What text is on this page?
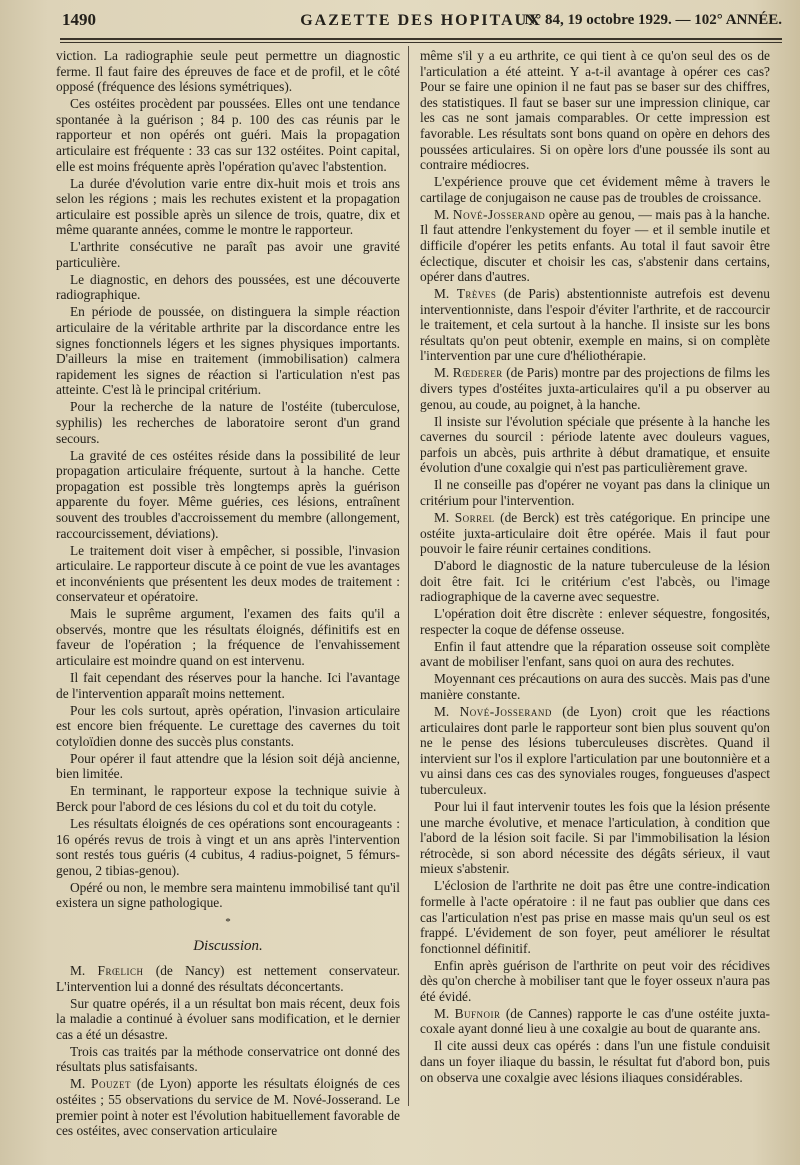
1490	GAZETTE DES HOPITAUX
N° 84, 19 octobre 1929. — 102° ANNÉE.

viction. La radiographie seule peut permettre un diagnostic ferme. Il faut faire des épreuves de face et de profil, et le côté opposé (fréquence des lésions symétriques).

Ces ostéites procèdent par poussées. Elles ont une tendance spontanée à la guérison ; 84 p. 100 des cas réunis par le rapporteur et non opérés ont guéri. Mais la propagation articulaire est fréquente : 33 cas sur 132 ostéites. Point capital, elle est moins fréquente après l'opération qu'avec l'abstention.

La durée d'évolution varie entre dix-huit mois et trois ans selon les régions ; mais les rechutes existent et la propagation articulaire est possible après un silence de trois, quatre, dix et même quarante années, comme le montre le rapporteur.

L'arthrite consécutive ne paraît pas avoir une gravité particulière.

Le diagnostic, en dehors des poussées, est une découverte radiographique.

En période de poussée, on distinguera la simple réaction articulaire de la véritable arthrite par la discordance entre les signes fonctionnels légers et les signes physiques importants. D'ailleurs la mise en traitement (immobilisation) calmera rapidement les signes de réaction si l'articulation n'est pas atteinte. C'est là le principal critérium.

Pour la recherche de la nature de l'ostéite (tuberculose, syphilis) les recherches de laboratoire seront d'un grand secours.

La gravité de ces ostéites réside dans la possibilité de leur propagation articulaire fréquente, surtout à la hanche. Cette propagation est possible très longtemps après la guérison apparente du foyer. Même guéries, ces lésions, entraînent souvent des troubles d'accroissement du membre (allongement, raccourcissement, déviations).

Le traitement doit viser à empêcher, si possible, l'invasion articulaire. Le rapporteur discute à ce point de vue les avantages et inconvénients que présentent les deux modes de traitement : conservateur et opératoire.

Mais le suprême argument, l'examen des faits qu'il a observés, montre que les résultats éloignés, définitifs est en faveur de l'opération ; la fréquence de l'envahissement articulaire est moindre quand on est intervenu.

Il fait cependant des réserves pour la hanche. Ici l'avantage de l'intervention apparaît moins nettement.

Pour les cols surtout, après opération, l'invasion articulaire est encore bien fréquente. Le curettage des cavernes du toit cotyloïdien donne des succès plus constants.

Pour opérer il faut attendre que la lésion soit déjà ancienne, bien limitée.

En terminant, le rapporteur expose la technique suivie à Berck pour l'abord de ces lésions du col et du toit du cotyle.

Les résultats éloignés de ces opérations sont encourageants : 16 opérés revus de trois à vingt et un ans après l'intervention sont restés tous guéris (4 cubitus, 4 radius-poignet, 5 fémurs-genou, 2 tibias-genou).

Opéré ou non, le membre sera maintenu immobilisé tant qu'il existera un signe pathologique.

*
Discussion.

M. Frœlich (de Nancy) est nettement conservateur. L'intervention lui a donné des résultats déconcertants.

Sur quatre opérés, il a un résultat bon mais récent, deux fois la maladie a continué à évoluer sans modification, et le dernier cas a été un désastre.

Trois cas traités par la méthode conservatrice ont donné des résultats plus satisfaisants.

M. Pouzet (de Lyon) apporte les résultats éloignés de ces ostéites ; 55 observations du service de M. Nové-Josserand. Le premier point à noter est l'évolution habituellement favorable de ces ostéites, avec conservation articulaire

même s'il y a eu arthrite, ce qui tient à ce qu'on seul des os de l'articulation a été atteint. Y a-t-il avantage à opérer ces cas? Pour se faire une opinion il ne faut pas se baser sur des chiffres, des statistiques. Il faut se baser sur une impression clinique, car les cas ne sont jamais comparables. Or cette impression est favorable. Les résultats sont bons quand on opère en dehors des poussées articulaires. Si on opère lors d'une poussée ils sont au contraire médiocres.

L'expérience prouve que cet évidement même à travers le cartilage de conjugaison ne cause pas de troubles de croissance.

M. Nové-Josserand opère au genou, — mais pas à la hanche. Il faut attendre l'enkystement du foyer — et il semble inutile et difficile d'opérer les petits enfants. Au total il faut savoir être éclectique, discuter et choisir les cas, s'abstenir dans certains, opérer dans d'autres.

M. Trèves (de Paris) abstentionniste autrefois est devenu interventionniste, dans l'espoir d'éviter l'arthrite, et de raccourcir le traitement, et cela surtout à la hanche. Il insiste sur les bons résultats qu'on peut obtenir, exemple en mains, si on complète l'intervention par une cure d'héliothérapie.

M. Rœderer (de Paris) montre par des projections de films les divers types d'ostéites juxta-articulaires qu'il a pu observer au genou, au coude, au poignet, à la hanche.

Il insiste sur l'évolution spéciale que présente à la hanche les cavernes du sourcil : période latente avec douleurs vagues, parfois un abcès, puis arthrite à début dramatique, et ensuite évolution d'une coxalgie qui n'est pas particulièrement grave.

Il ne conseille pas d'opérer ne voyant pas dans la clinique un critérium pour l'intervention.

M. Sorrel (de Berck) est très catégorique. En principe une ostéite juxta-articulaire doit être opérée. Mais il faut pour pouvoir le faire réunir certaines conditions.

D'abord le diagnostic de la nature tuberculeuse de la lésion doit être fait. Ici le critérium c'est l'abcès, ou l'image radiographique de la caverne avec sequestre.

L'opération doit être discrète : enlever séquestre, fongosités, respecter la coque de défense osseuse.

Enfin il faut attendre que la réparation osseuse soit complète avant de mobiliser l'enfant, sans quoi on aura des rechutes.

Moyennant ces précautions on aura des succès. Mais pas d'une manière constante.

M. Nové-Josserand (de Lyon) croit que les réactions articulaires dont parle le rapporteur sont bien plus souvent qu'on ne le pense des lésions tuberculeuses discrètes. Quand il intervient sur l'os il explore l'articulation par une boutonnière et a vu ainsi dans ces cas des synoviales rouges, fongueuses d'aspect tuberculeux.

Pour lui il faut intervenir toutes les fois que la lésion présente une marche évolutive, et menace l'articulation, à condition que l'abord de la lésion soit facile. Si par l'immobilisation la lésion rétrocède, si son abord nécessite des dégâts sérieux, il vaut mieux s'abstenir.

L'éclosion de l'arthrite ne doit pas être une contre-indication formelle à l'acte opératoire : il ne faut pas oublier que dans ces cas l'articulation n'est pas prise en masse mais qu'un seul os est frappé. L'évidement de son foyer, peut améliorer le résultat fonctionnel définitif.

Enfin après guérison de l'arthrite on peut voir des récidives dès qu'on cherche à mobiliser tant que le foyer osseux n'aura pas été évidé.

M. Bufnoir (de Cannes) rapporte le cas d'une ostéite juxta-coxale ayant donné lieu à une coxalgie au bout de quarante ans.

Il cite aussi deux cas opérés : dans l'un une fistule conduisit dans un foyer iliaque du bassin, le résultat fut d'abord bon, puis on observa une coxalgie avec lésions iliaques considérables.
